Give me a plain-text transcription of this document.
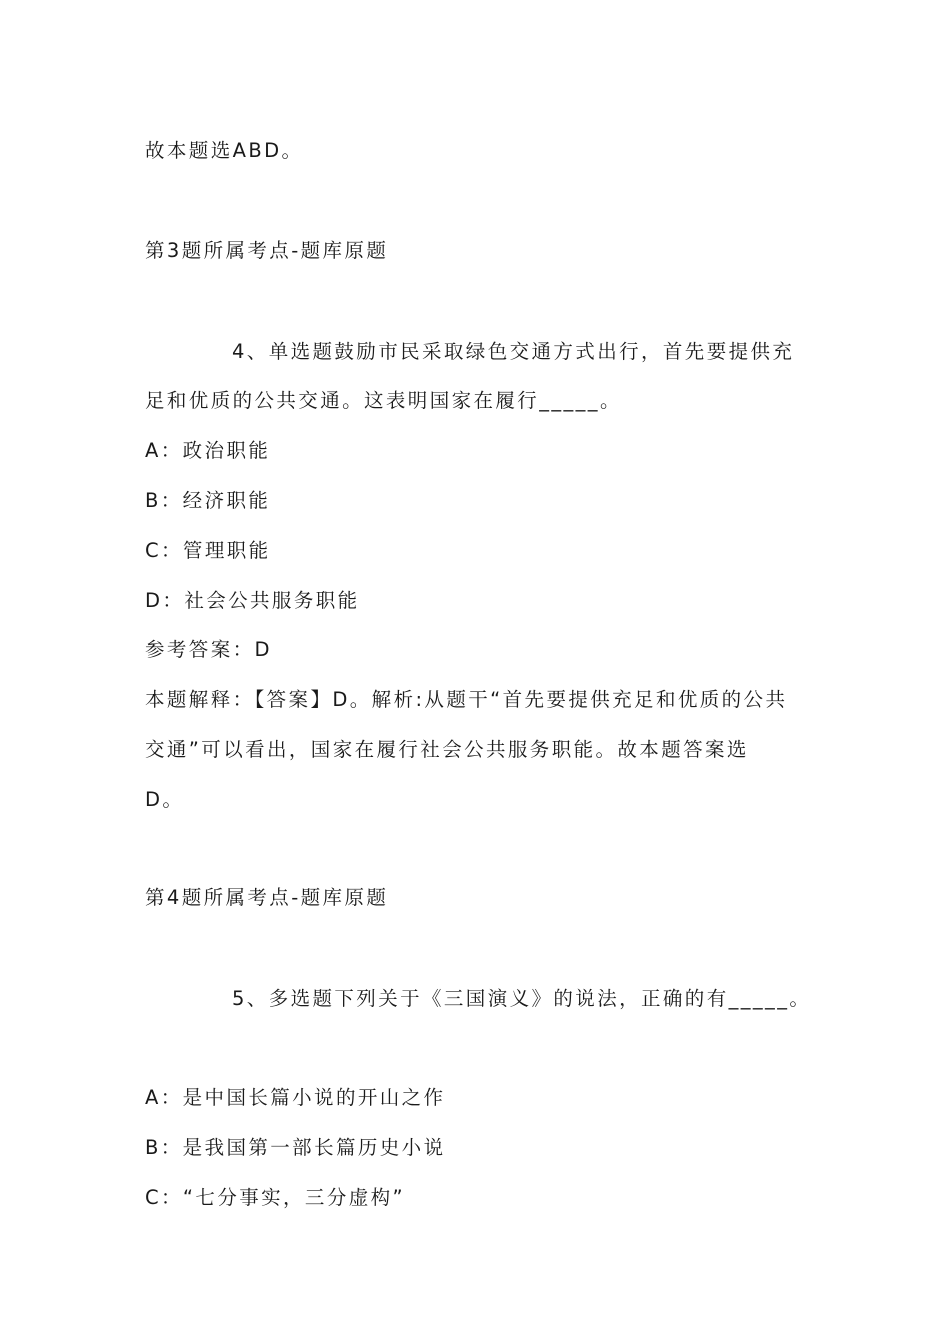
故本题选ABD。
第3题所属考点-题库原题
4、单选题鼓励市民采取绿色交通方式出行，首先要提供充
足和优质的公共交通。这表明国家在履行_____。
A：政治职能
B：经济职能
C：管理职能
D：社会公共服务职能
参考答案：D
本题解释：【答案】D。解析:从题干“首先要提供充足和优质的公共
交通”可以看出，国家在履行社会公共服务职能。故本题答案选
D。
第4题所属考点-题库原题
5、多选题下列关于《三国演义》的说法，正确的有_____。
A：是中国长篇小说的开山之作
B：是我国第一部长篇历史小说
C：“七分事实，三分虚构”
